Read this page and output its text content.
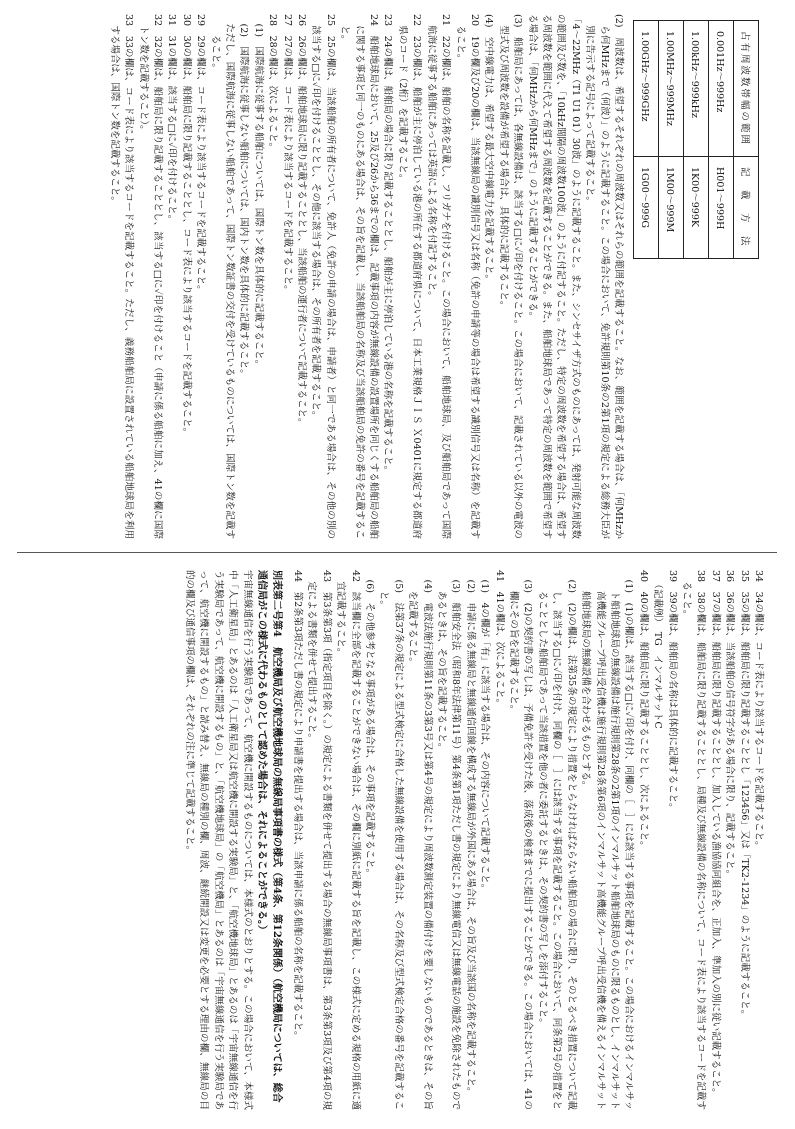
占有周波数帯幅の範囲	記　載　方　法
0.001Hz〜999Hz	H001〜999H
1.00kHz〜999kHz	1K00〜999K
1.00MHz〜999MHz	1M00〜999M
1.00GHz〜999GHz	1G00〜999G

(2)　周波数は、希望するそれぞれの周波数又はそれらの範囲を記載すること。なお、範囲を記載する場合は、「何MHzから何MHzまで（何波）」のように記載すること。この場合において、免許規則第10条の2第1項の規定による総務大臣が別に告示する記号によって記載すること。

「4〜22MHz（T1 U1 01）30波」のように記載すること。また、シンセサイザ方式のものにあっては、発射可能な周波数の範囲及び数を、「10kHz間隔の周波数100波」のように付記すること。ただし、特定の周波数を希望する場合は、希望する周波数を範囲に代えて希望する周波数を記載することができる。また、船舶地球局であって特定の周波数を範囲で希望する場合は、「何MHzから何MHzまで」のように記載することができる。

(3)　船舶局にあっては、各無線設備は、該当する□に✓印を付けること。この場合において、記載されている以外の電波の型式及び周波数を設備が希望する場合は、具体的に記載すること。

(4)　空中線電力は、希望する最大空中線電力を記載すること。

20　19の欄及び20の欄は、当該無線局の識別信号又は名称（免許の申請等の場合は希望する識別信号又は名称）を記載すること。

21　22の欄は、船舶の名称を記載し、フリガナを付けること。この場合において、船舶地球局、及び船舶局であって国際航海に従事する船舶にあっては英語による名称を付記すること。

22　23の欄は、船舶が主に停泊している港の所在する都道府県について、日本工業規格ＪＩＳ Ｘ0401に規定する都道府県のコード（2桁）を記載すること。

23　24の欄は、船舶局の場合に限り記載することとし、船舶が主に停泊している港の名称を記載すること。

24　船舶地球局において、25及び26から36までの欄は、記載事項の内容が無線設備の設置場所を同じくする船舶局の船舶に関する事項と同一のものにある場合は、その旨を記載し、当該船舶局の名称及び当該船舶局の免許の番号を記載すること。

25　25の欄は、当該船舶の所有者について、免許人（免許の申請の場合は、申請者）と同一である場合は、その他の別の該当する□に✓印を付けることとし、その他に該当する場合は、その所有者を記載すること。

26　26の欄は、船舶地球局に限り記載することとし、当該船舶の運行者について記載すること。

27　27の欄は、コード表により該当するコードを記載すること。

28　28の欄は、次によること。

(1)　国際航海に従事する船舶については、国際トン数を具体的に記載すること。

(2)　国際航海に従事しない船舶については、国内トン数を具体的に記載すること。

ただし、国際航海に従事しない船舶であって、国際トン数証書の交付を受けているものについては、国際トン数を記載すること。

29　29の欄は、コード表により該当するコードを記載すること。

30　30の欄は、船舶局に限り記載することとし、コード表により該当するコードを記載すること。

31　31の欄は、該当する□に✓印を付けること。

32　32の欄は、船舶局に限り記載することとし、該当する□に✓印を付けること（申請に係る船舶に加え、41の欄に国際トン数を記載すること）。

33　33の欄は、コード表により該当するコードを記載すること。ただし、義務船舶局に設置されている船舶地球局を利用する場合は、国際トン数を記載すること。

34　34の欄は、コード表により該当するコードを記載すること。

35　35の欄は、船舶局に限り記載することとし「123456」又は「TK2-1234」のように記載すること。

36　36の欄は、当該船舶の信号符字がある場合に限り、記載すること。

37　37の欄は、船舶局に限り記載することとし、加入している漁協協同組合を、正加入、準加入の別に従い記載すること。

38　38の欄は、船舶局に限り記載することとし、局種及び無線設備の名称について、コード表により該当するコードを記載すること。

39　39の欄は、船舶局の名称は具体的に記載すること。

（記載例）　TG　インマルサットC

40　40の欄は、船舶局に限り記載することとし、次によること。

(1)　(1)の欄は、該当する□に✓印を付け、同欄の［　］には該当する事項を記載すること。この場合におけるインマルサット船舶地球局の無線設備は施行規則第28条の2第1項のインマルサット船舶地球局のものに限るものとし、インマルサット高機能グループ呼出受信機は施行規則第28条第6項のインマルサット高機能グループ呼出受信機を備えるインマルサット船舶地球局の無線設備を合わせるものとする。

(2)　(2)の欄は、法第35条の規定により措置をとらなければならない船舶局の場合に限り、そのとるべき措置について記載し、該当する□に✓印を付け、同欄の［　］には該当する事項を記載すること。この場合において、同条第2号の措置をとることとした船舶局であって当該措置を他の者に委託するときは、その契約書の写しを添付すること。

(3)　(2)の契約書の写しは、予備免許を受けた後、落成後の検査までに提出することができる。この場合においては、41の欄にその旨を記載すること。

41　41の欄は、次によること。

(1)　4の欄が「有」に該当する場合は、その内容について記載すること。

(2)　申請に係る無線局と無線通信回線を構成する無線局が外国にある場合は、その旨及び当該国の名称を記載すること。

(3)　船舶安全法（昭和8年法律第11号）第4条第1項ただし書の規定により無線電信又は無線電話の施設を免除されたものであるときは、その旨を記載すること。

(4)　電波法施行規則第11条の3第3号又は第4号の規定により周波数測定装置の備付けを要しないものであるときは、その旨を記載すること。

(5)　法第37条の規定による型式検定に合格した無線設備を使用する場合は、その名称及び型式検定合格の番号を記載すること。

(6)　その他参考となる事項がある場合は、その事項を記載すること。

42　該当欄に全部を記載することができない場合は、その欄に別紙に記載する旨を記載し、この様式に定める規格の用紙に適宜記載すること。

43　第3条第3項（指定項目を除く。）の規定による書類を併せて提出する場合の無線局事項書は、第3条第3項及び第4項の規定による書類を併せて提出すること。

44　第2条第3項ただし書の規定により申請書を提出する場合は、当該申請に係る船舶の名称を記載すること。

別表第二号第4　航空機局及び航空機地球局の無線局事項書の様式（第4条、第12条関係）（航空機局については、総合通信局がこの様式に代わるものとして認めた場合は、それによることができる。）

宇宙無線通信を行う実験局であって、航空機に開設するものについては、本様式のとおりとする。この場合において、本様式中「人工衛星局」とあるのは「人工衛星局又は航空機に開設する実験局」と、「航空機地球局」とあるのは「宇宙無線通信を行う実験局であって、航空機に開設するもの」と、「航空機地球局」の「航空機局」とあるのは「宇宙無線通信を行う実験局であって、航空機に開設するもの」と読み替え、無線局の種別の欄、周波、継続開設又は変更を必要とする理由の欄、無線局の目的の欄及び通信事項の欄は、それぞれの注に準じて記載すること。
